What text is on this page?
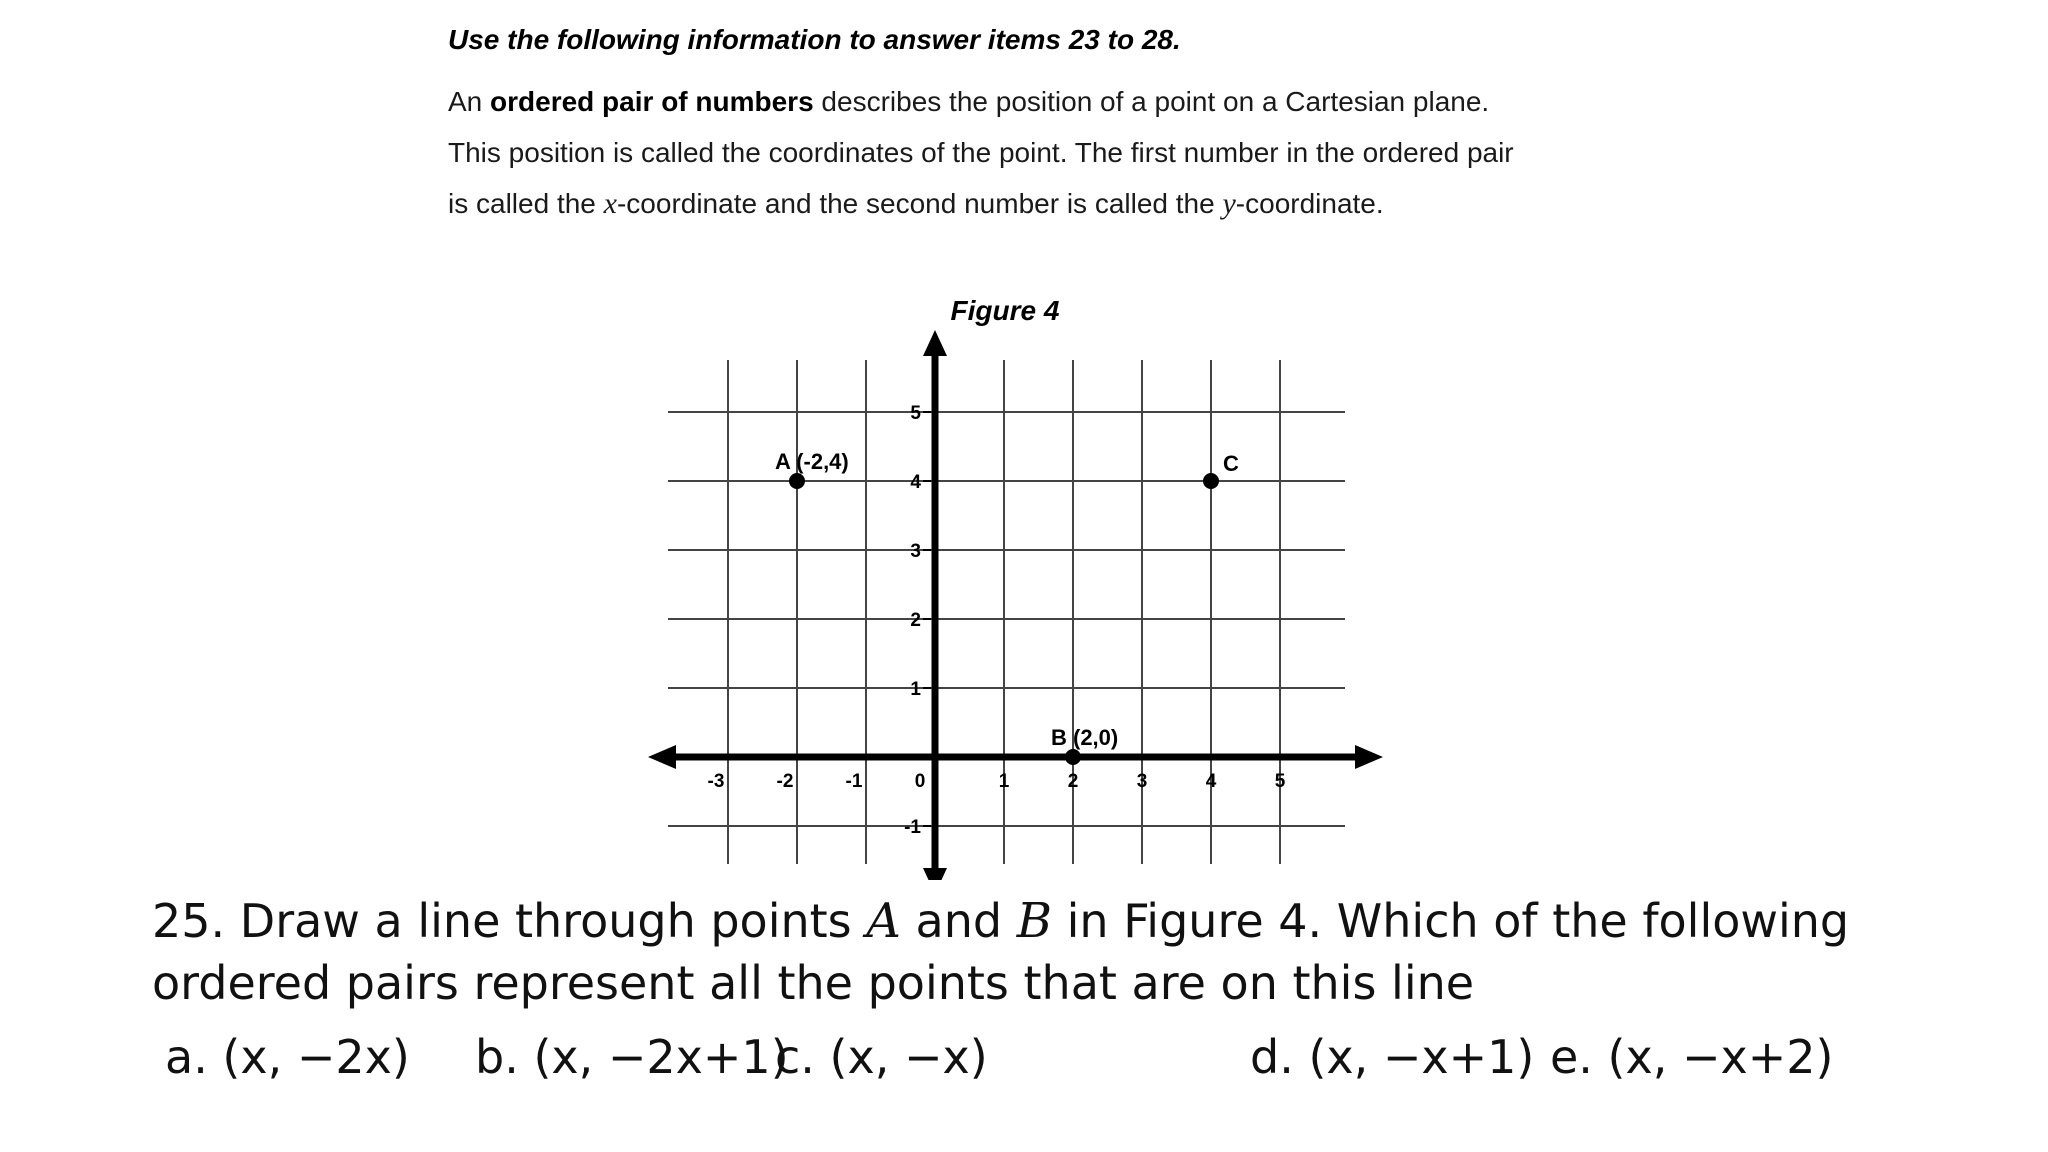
Use the following information to answer items 23 to 28.

An ordered pair of numbers describes the position of a point on a Cartesian plane.
This position is called the coordinates of the point. The first number in the ordered pair
is called the x-coordinate and the second number is called the y-coordinate.
Figure 4
-3	-2	-1	0	1	2	3	4	5
-1
1
2
3
4
5
A (-2,4)
B (2,0)
C
25. Draw a line through points A and B in Figure 4. Which of the following ordered pairs represent all the points that are on this line
a. (x, −2x) b. (x, −2x+1)
c. (x, −x)	d. (x, −x+1) e. (x, −x+2)
